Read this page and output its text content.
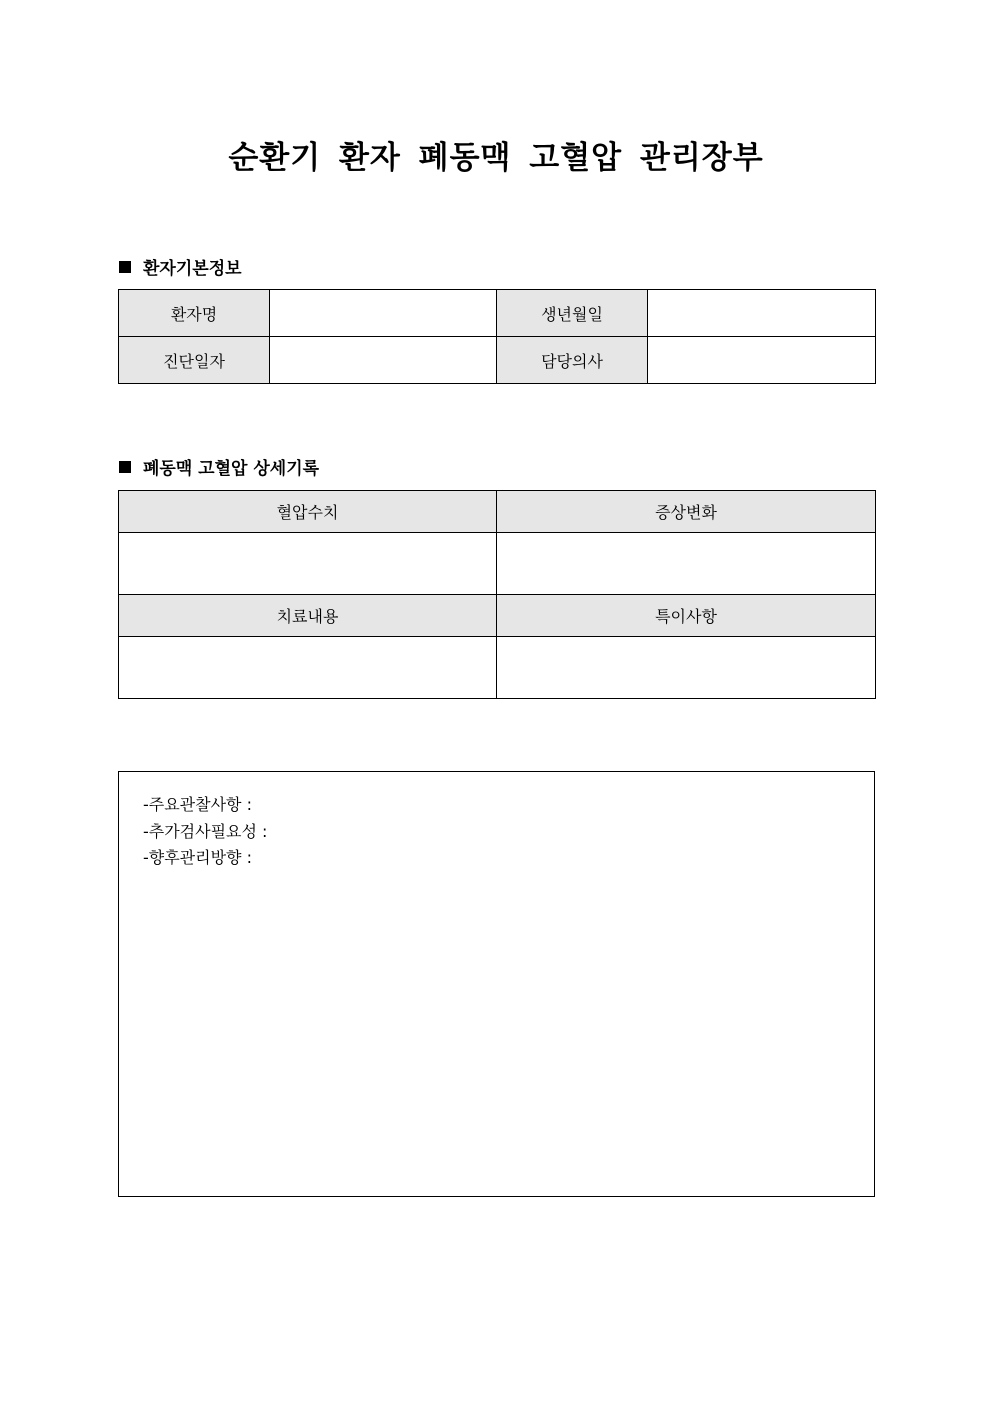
순환기 환자 폐동맥 고혈압 관리장부
환자기본정보
환자명		생년월일	
진단일자		담당의사	
폐동맥 고혈압 상세기록
혈압수치	증상변화

치료내용	특이사항

-주요관찰사항 :
-추가검사필요성 :
-향후관리방향 :
